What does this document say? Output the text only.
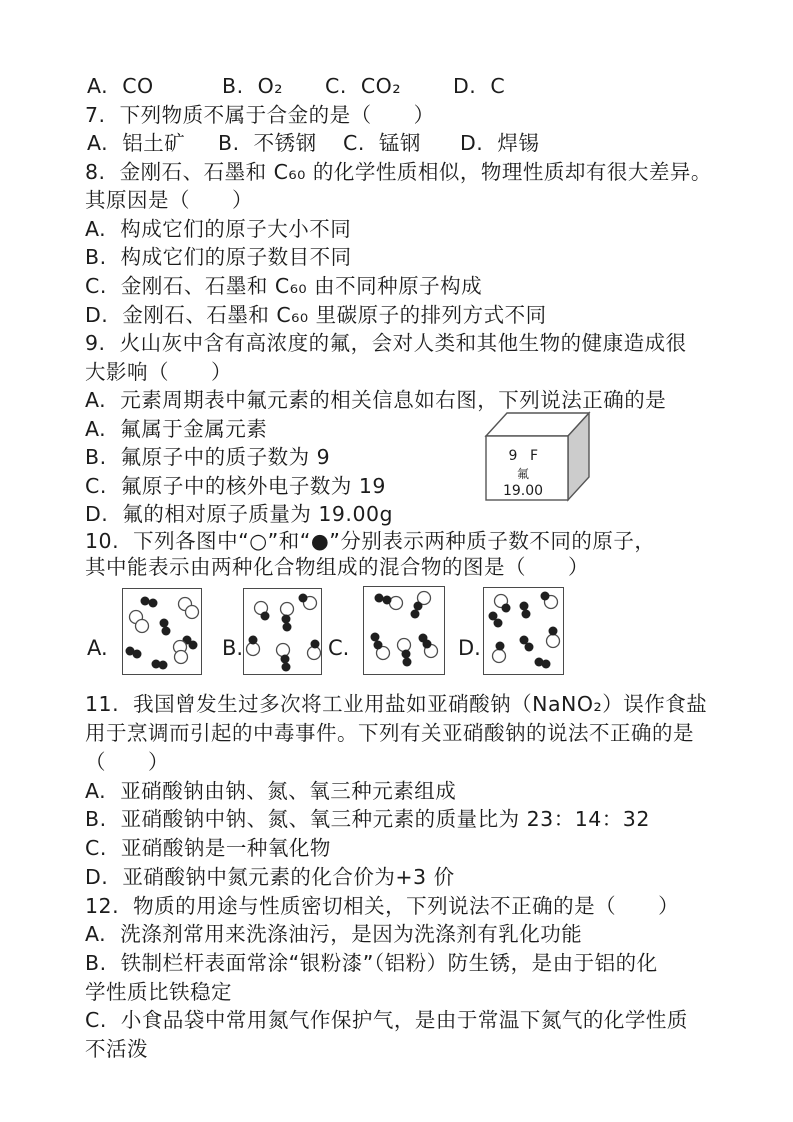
A.  CO	B.  O₂ C.  CO₂	D.  C
7.  下列物质不属于合金的是（　　）
A.  铝土矿 B.  不锈钢 C.  锰钢 D.  焊锡
8.  金刚石、石墨和 C₆₀ 的化学性质相似，物理性质却有很大差异。
其原因是（　　）
A.  构成它们的原子大小不同
B.  构成它们的原子数目不同
C.  金刚石、石墨和 C₆₀ 由不同种原子构成
D.  金刚石、石墨和 C₆₀ 里碳原子的排列方式不同
9.  火山灰中含有高浓度的氟，会对人类和其他生物的健康造成很
大影响（　　）
A.  元素周期表中氟元素的相关信息如右图，下列说法正确的是
A.  氟属于金属元素
B.  氟原子中的质子数为 9
C.  氟原子中的核外电子数为 19
D.  氟的相对原子质量为 19.00g
9 F
氟
19.00
10.  下列各图中“○”和“●”分别表示两种质子数不同的原子，
其中能表示由两种化合物组成的混合物的图是（　　）
A.	B.	C.	D.
11.  我国曾发生过多次将工业用盐如亚硝酸钠（NaNO₂）误作食盐
用于烹调而引起的中毒事件。下列有关亚硝酸钠的说法不正确的是
（　　）
A.  亚硝酸钠由钠、氮、氧三种元素组成
B.  亚硝酸钠中钠、氮、氧三种元素的质量比为 23：14：32
C.  亚硝酸钠是一种氧化物
D.  亚硝酸钠中氮元素的化合价为+3 价
12.  物质的用途与性质密切相关，下列说法不正确的是（　　）
A.  洗涤剂常用来洗涤油污，是因为洗涤剂有乳化功能
B.  铁制栏杆表面常涂“银粉漆”（铝粉）防生锈，是由于铝的化
学性质比铁稳定
C.  小食品袋中常用氮气作保护气，是由于常温下氮气的化学性质
不活泼
